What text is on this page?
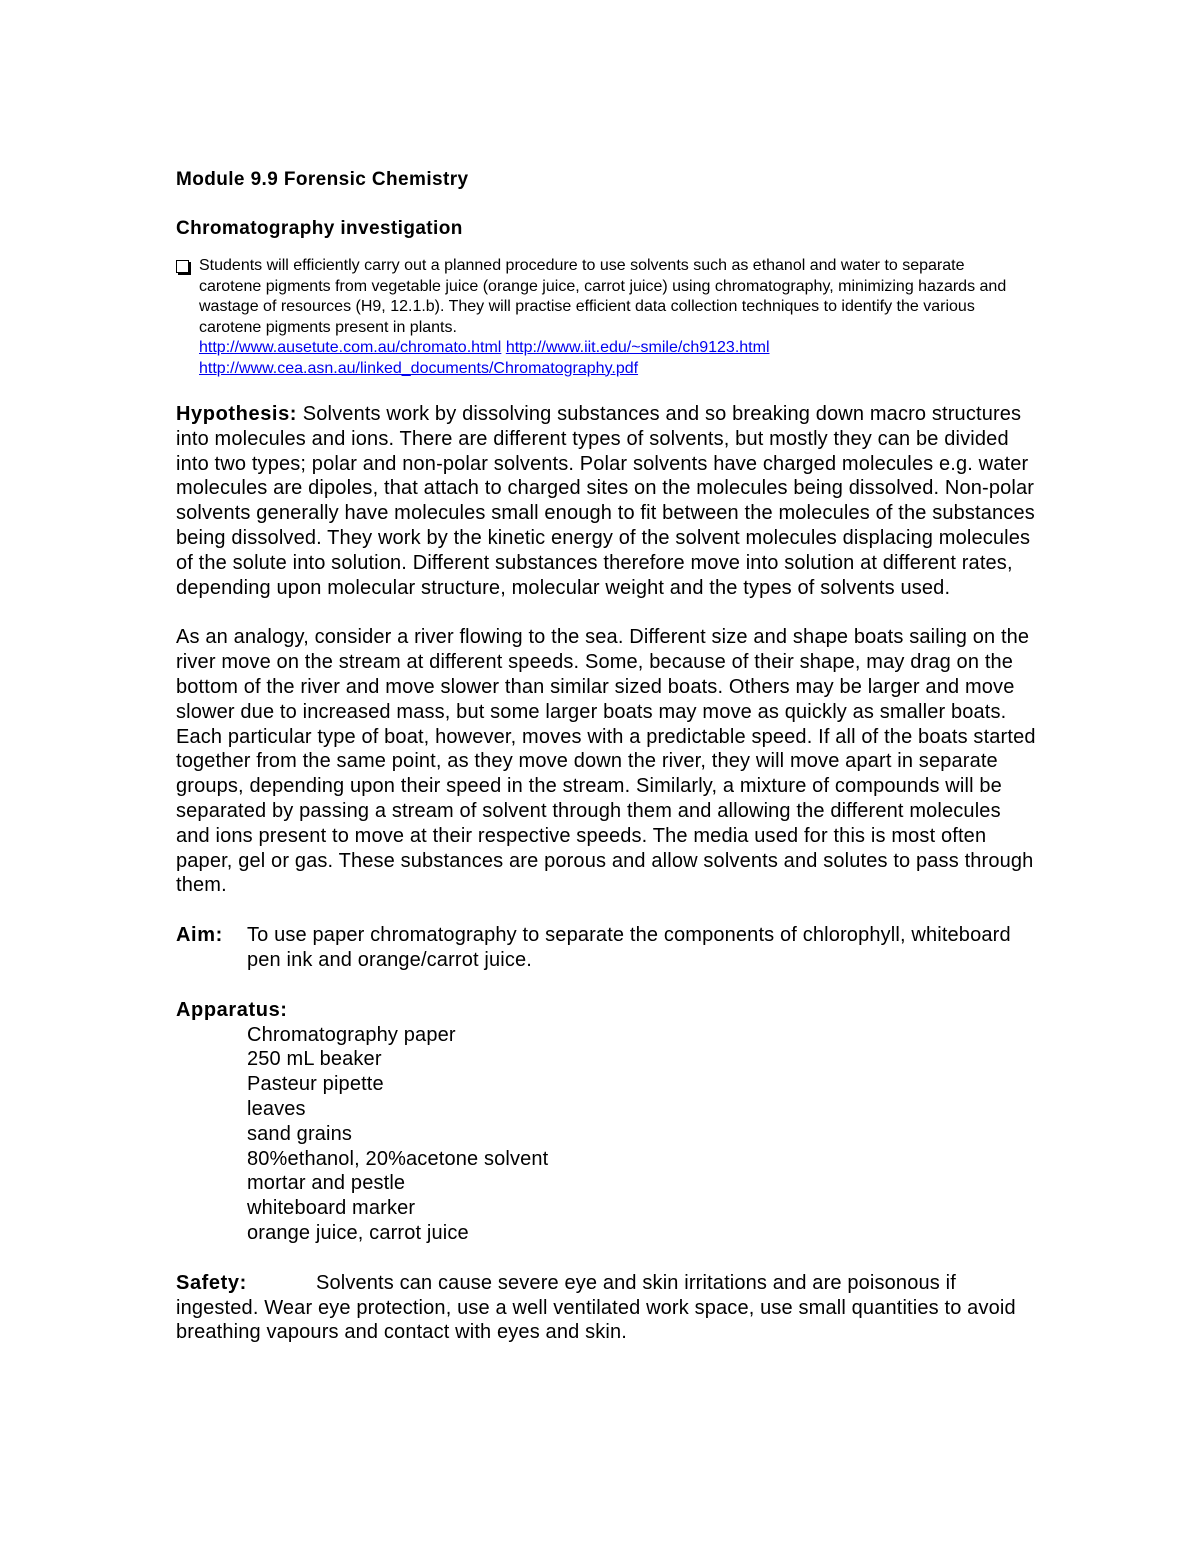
Module 9.9 Forensic Chemistry
Chromatography investigation
Students will efficiently carry out a planned procedure to use solvents such as ethanol and water to separate carotene pigments from vegetable juice (orange juice, carrot juice) using chromatography, minimizing hazards and wastage of resources (H9, 12.1.b). They will practise efficient data collection techniques to identify the various carotene pigments present in plants.
http://www.ausetute.com.au/chromato.html http://www.iit.edu/~smile/ch9123.html
http://www.cea.asn.au/linked_documents/Chromatography.pdf

Hypothesis: Solvents work by dissolving substances and so breaking down macro structures into molecules and ions. There are different types of solvents, but mostly they can be divided into two types; polar and non-polar solvents. Polar solvents have charged molecules e.g. water molecules are dipoles, that attach to charged sites on the molecules being dissolved. Non-polar solvents generally have molecules small enough to fit between the molecules of the substances being dissolved. They work by the kinetic energy of the solvent molecules displacing molecules of the solute into solution. Different substances therefore move into solution at different rates, depending upon molecular structure, molecular weight and the types of solvents used.

As an analogy, consider a river flowing to the sea. Different size and shape boats sailing on the river move on the stream at different speeds. Some, because of their shape, may drag on the bottom of the river and move slower than similar sized boats. Others may be larger and move slower due to increased mass, but some larger boats may move as quickly as smaller boats. Each particular type of boat, however, moves with a predictable speed. If all of the boats started together from the same point, as they move down the river, they will move apart in separate groups, depending upon their speed in the stream. Similarly, a mixture of compounds will be separated by passing a stream of solvent through them and allowing the different molecules and ions present to move at their respective speeds. The media used for this is most often paper, gel or gas. These substances are porous and allow solvents and solutes to pass through them.

Aim:	To use paper chromatography to separate the components of chlorophyll, whiteboard pen ink and orange/carrot juice.
Apparatus:
Chromatography paper
250 mL beaker
Pasteur pipette
leaves
sand grains
80%ethanol, 20%acetone solvent
mortar and pestle
whiteboard marker
orange juice, carrot juice

Safety:	Solvents can cause severe eye and skin irritations and are poisonous if ingested. Wear eye protection, use a well ventilated work space, use small quantities to avoid breathing vapours and contact with eyes and skin.
